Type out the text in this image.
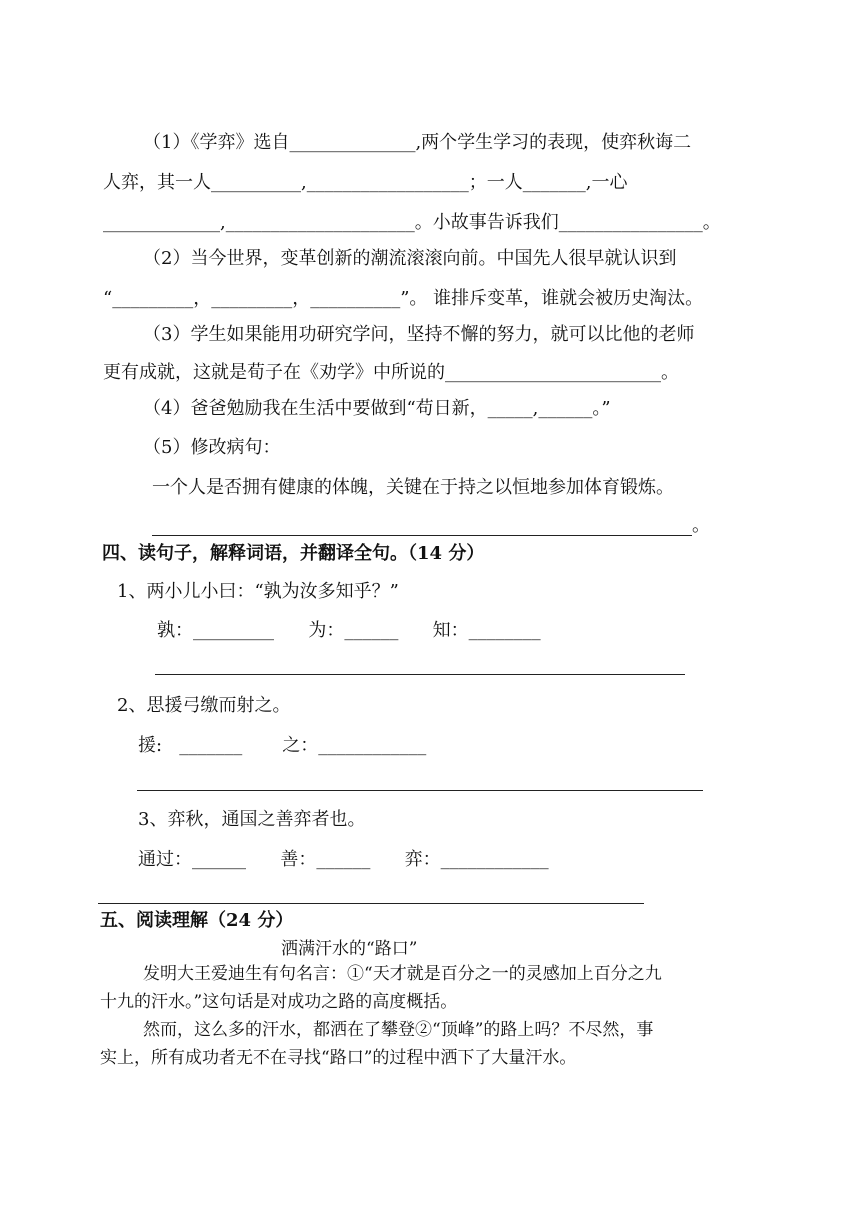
（1）《学弈》选自______________,两个学生学习的表现，使弈秋诲二
人弈，其一人__________,__________________；一人_______,一心
_____________,_____________________。小故事告诉我们________________。
（2）当今世界，变革创新的潮流滚滚向前。中国先人很早就认识到
“_________，_________，__________”。 谁排斥变革，谁就会被历史淘汰。
（3）学生如果能用功研究学问，坚持不懈的努力，就可以比他的老师
更有成就，这就是荀子在《劝学》中所说的________________________。
（4）爸爸勉励我在生活中要做到“苟日新，_____,______。”
（5）修改病句：
一个人是否拥有健康的体魄，关键在于持之以恒地参加体育锻炼。
。
四、读句子，解释词语，并翻译全句。（14 分）
1、两小儿小曰：“孰为汝多知乎？”
孰：_________      为：______      知：________
2、思援弓缴而射之。
援:   _______       之：____________
3、弈秋，通国之善弈者也。
通过：______      善：______      弈：____________
五、阅读理解（24 分）
洒满汗水的“路口”
发明大王爱迪生有句名言：①“天才就是百分之一的灵感加上百分之九
十九的汗水。”这句话是对成功之路的高度概括。
然而，这么多的汗水，都洒在了攀登②“顶峰”的路上吗？不尽然，事
实上，所有成功者无不在寻找“路口”的过程中洒下了大量汗水。
